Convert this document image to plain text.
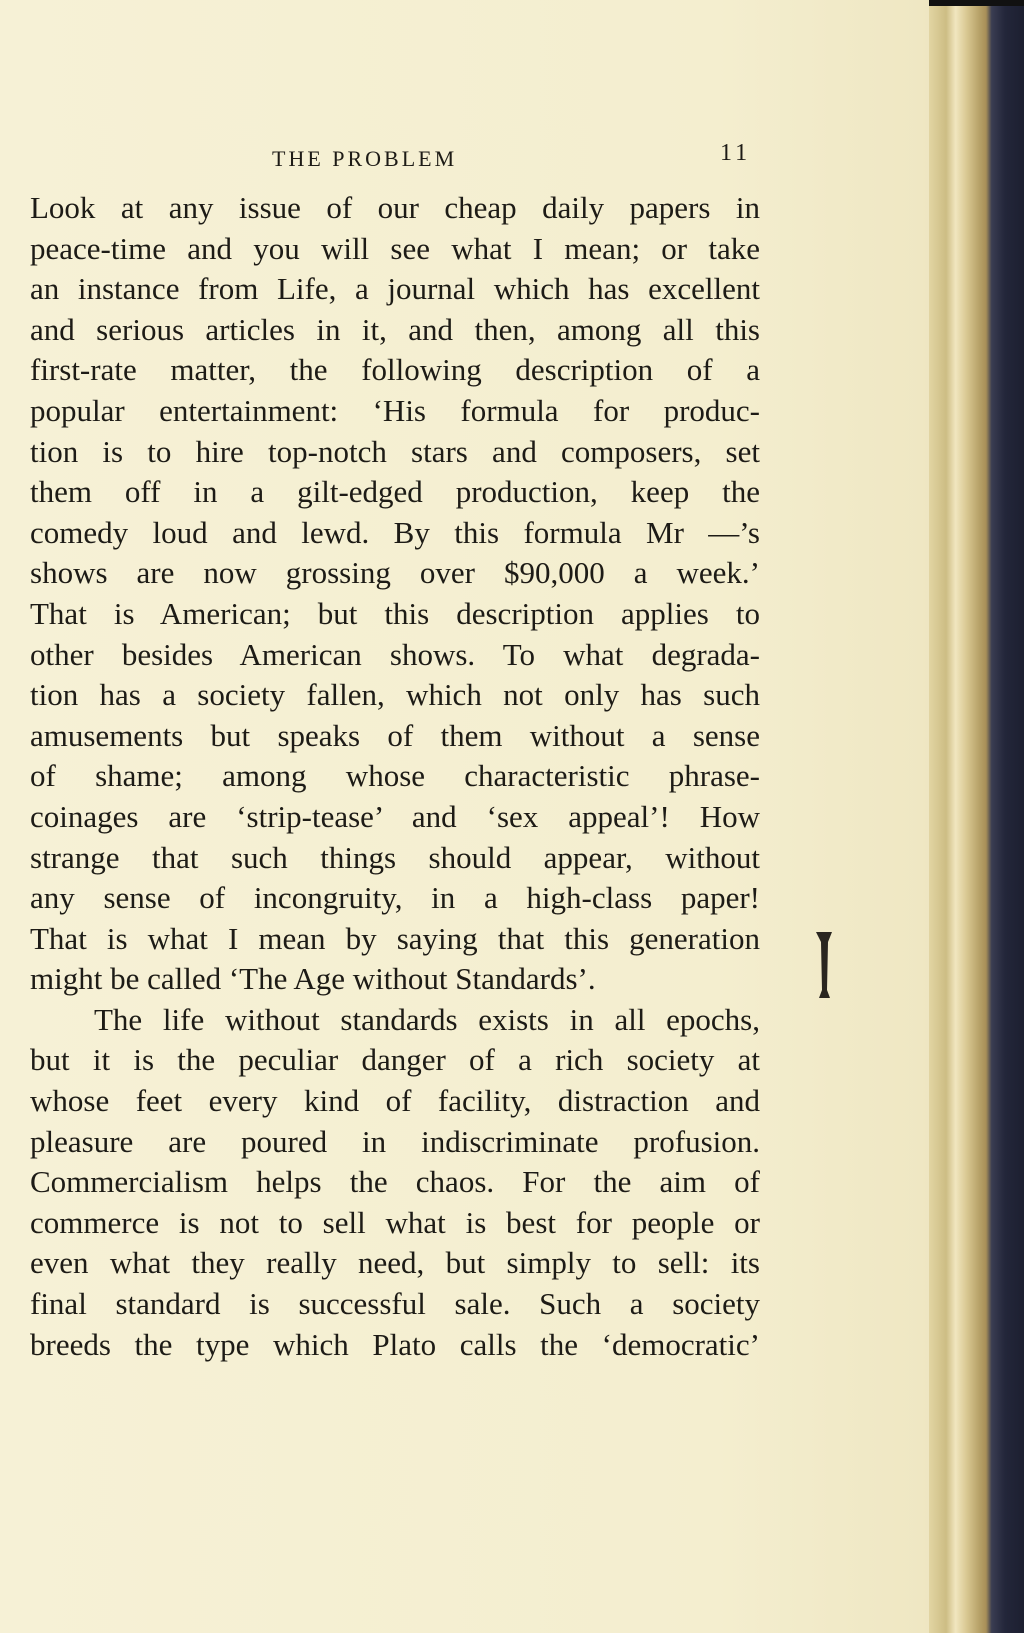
THE PROBLEM	11
Look at any issue of our cheap daily papers in
peace-time and you will see what I mean; or take
an instance from Life, a journal which has excellent
and serious articles in it, and then, among all this
first-rate matter, the following description of a
popular entertainment: ‘His formula for produc-
tion is to hire top-notch stars and composers, set
them off in a gilt-edged production, keep the
comedy loud and lewd. By this formula Mr —’s
shows are now grossing over $90,000 a week.’
That is American; but this description applies to
other besides American shows. To what degrada-
tion has a society fallen, which not only has such
amusements but speaks of them without a sense
of shame; among whose characteristic phrase-
coinages are ‘strip-tease’ and ‘sex appeal’! How
strange that such things should appear, without
any sense of incongruity, in a high-class paper!
That is what I mean by saying that this generation
might be called ‘The Age without Standards’.
The life without standards exists in all epochs,
but it is the peculiar danger of a rich society at
whose feet every kind of facility, distraction and
pleasure are poured in indiscriminate profusion.
Commercialism helps the chaos. For the aim of
commerce is not to sell what is best for people or
even what they really need, but simply to sell: its
final standard is successful sale. Such a society
breeds the type which Plato calls the ‘democratic’
